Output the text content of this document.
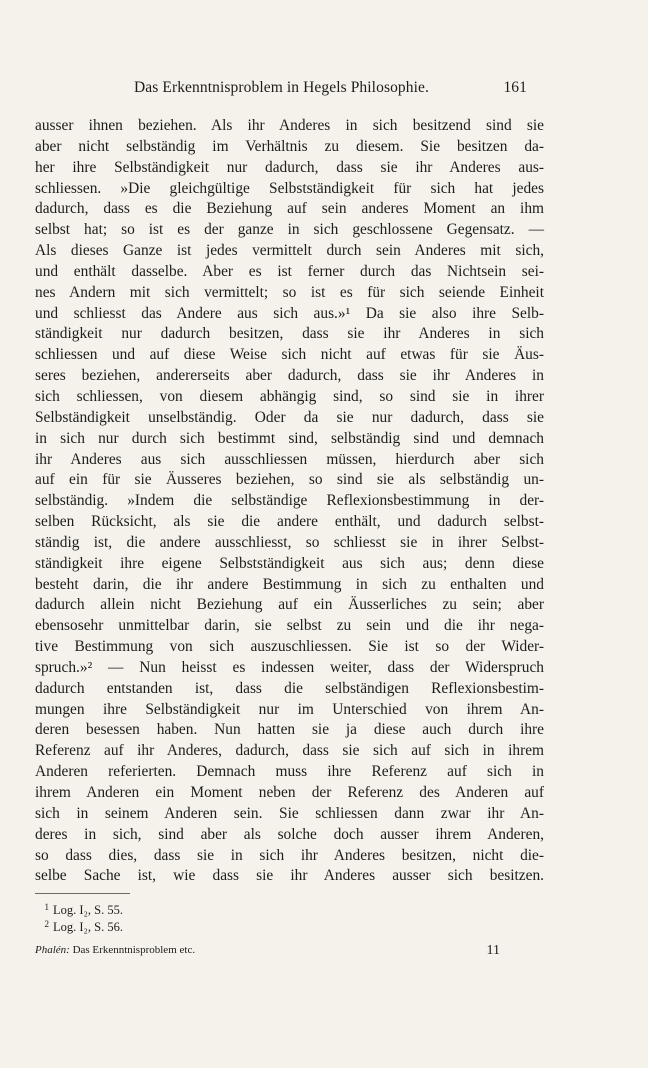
Das Erkenntnisproblem in Hegels Philosophie.	161
ausser ihnen beziehen. Als ihr Anderes in sich besitzend sind sie
aber nicht selbständig im Verhältnis zu diesem. Sie besitzen da-
her ihre Selbständigkeit nur dadurch, dass sie ihr Anderes aus-
schliessen. »Die gleichgültige Selbstständigkeit für sich hat jedes
dadurch, dass es die Beziehung auf sein anderes Moment an ihm
selbst hat; so ist es der ganze in sich geschlossene Gegensatz. —
Als dieses Ganze ist jedes vermittelt durch sein Anderes mit sich,
und enthält dasselbe. Aber es ist ferner durch das Nichtsein sei-
nes Andern mit sich vermittelt; so ist es für sich seiende Einheit
und schliesst das Andere aus sich aus.»¹ Da sie also ihre Selb-
ständigkeit nur dadurch besitzen, dass sie ihr Anderes in sich
schliessen und auf diese Weise sich nicht auf etwas für sie Äus-
seres beziehen, andererseits aber dadurch, dass sie ihr Anderes in
sich schliessen, von diesem abhängig sind, so sind sie in ihrer
Selbständigkeit unselbständig. Oder da sie nur dadurch, dass sie
in sich nur durch sich bestimmt sind, selbständig sind und demnach
ihr Anderes aus sich ausschliessen müssen, hierdurch aber sich
auf ein für sie Äusseres beziehen, so sind sie als selbständig un-
selbständig. »Indem die selbständige Reflexionsbestimmung in der-
selben Rücksicht, als sie die andere enthält, und dadurch selbst-
ständig ist, die andere ausschliesst, so schliesst sie in ihrer Selbst-
ständigkeit ihre eigene Selbstständigkeit aus sich aus; denn diese
besteht darin, die ihr andere Bestimmung in sich zu enthalten und
dadurch allein nicht Beziehung auf ein Äusserliches zu sein; aber
ebensosehr unmittelbar darin, sie selbst zu sein und die ihr nega-
tive Bestimmung von sich auszuschliessen. Sie ist so der Wider-
spruch.»² — Nun heisst es indessen weiter, dass der Widerspruch
dadurch entstanden ist, dass die selbständigen Reflexionsbestim-
mungen ihre Selbständigkeit nur im Unterschied von ihrem An-
deren besessen haben. Nun hatten sie ja diese auch durch ihre
Referenz auf ihr Anderes, dadurch, dass sie sich auf sich in ihrem
Anderen referierten. Demnach muss ihre Referenz auf sich in
ihrem Anderen ein Moment neben der Referenz des Anderen auf
sich in seinem Anderen sein. Sie schliessen dann zwar ihr An-
deres in sich, sind aber als solche doch ausser ihrem Anderen,
so dass dies, dass sie in sich ihr Anderes besitzen, nicht die-
selbe Sache ist, wie dass sie ihr Anderes ausser sich besitzen.
1 Log. I₂, S. 55.
2 Log. I₂, S. 56.
Phalén: Das Erkenntnisproblem etc.	11
